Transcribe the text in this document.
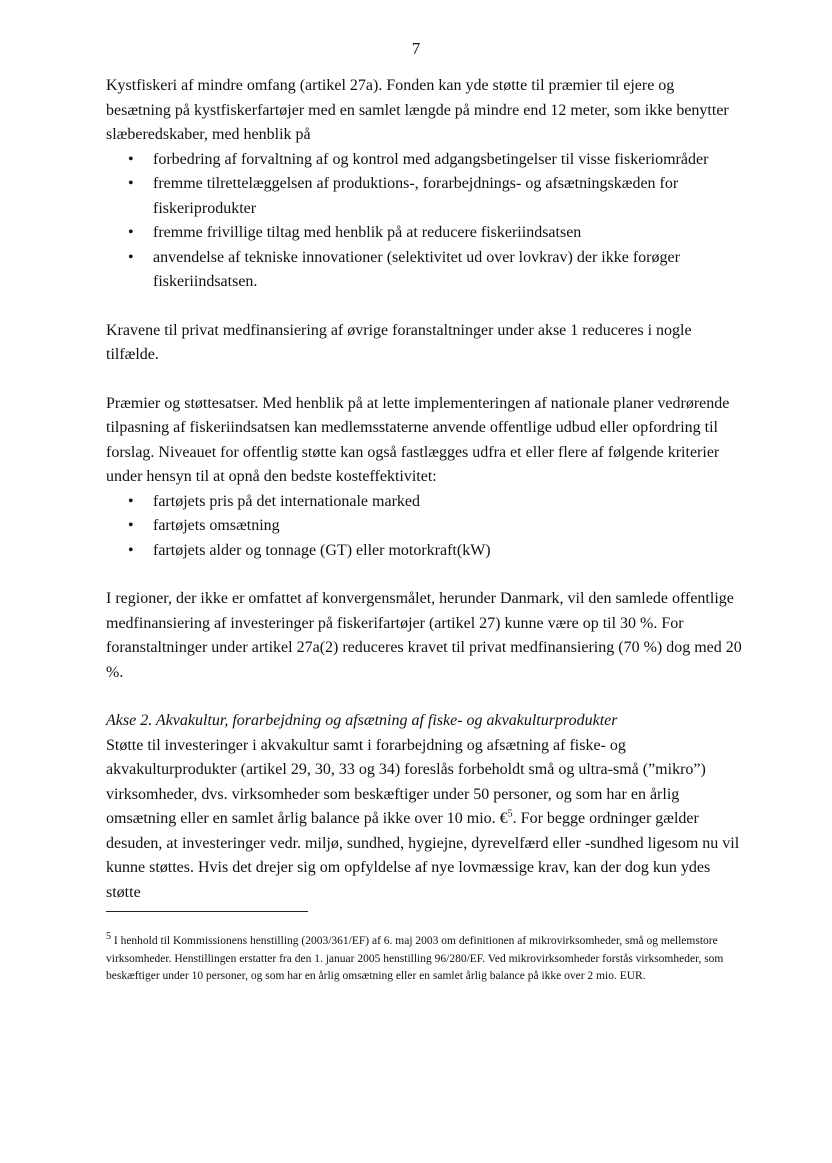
7

Kystfiskeri af mindre omfang (artikel 27a). Fonden kan yde støtte til præmier til ejere og besætning på kystfiskerfartøjer med en samlet længde på mindre end 12 meter, som ikke benytter slæberedskaber, med henblik på

• forbedring af forvaltning af og kontrol med adgangsbetingelser til visse fiskeriområder
• fremme tilrettelæggelsen af produktions-, forarbejdnings- og afsætningskæden for fiskeriprodukter
• fremme frivillige tiltag med henblik på at reducere fiskeriindsatsen
• anvendelse af tekniske innovationer (selektivitet ud over lovkrav) der ikke forøger fiskeriindsatsen.

Kravene til privat medfinansiering af øvrige foranstaltninger under akse 1 reduceres i nogle tilfælde.

Præmier og støttesatser. Med henblik på at lette implementeringen af nationale planer vedrørende tilpasning af fiskeriindsatsen kan medlemsstaterne anvende offentlige udbud eller opfordring til forslag. Niveauet for offentlig støtte kan også fastlægges udfra et eller flere af følgende kriterier under hensyn til at opnå den bedste kosteffektivitet:

• fartøjets pris på det internationale marked
• fartøjets omsætning
• fartøjets alder og tonnage (GT) eller motorkraft(kW)

I regioner, der ikke er omfattet af konvergensmålet, herunder Danmark, vil den samlede offentlige medfinansiering af investeringer på fiskerifartøjer (artikel 27) kunne være op til 30 %. For foranstaltninger under artikel 27a(2) reduceres kravet til privat medfinansiering (70 %) dog med 20 %.

Akse 2. Akvakultur, forarbejdning og afsætning af fiske- og akvakulturprodukter

Støtte til investeringer i akvakultur samt i forarbejdning og afsætning af fiske- og akvakulturprodukter (artikel 29, 30, 33 og 34) foreslås forbeholdt små og ultra-små (”mikro”) virksomheder, dvs. virksomheder som beskæftiger under 50 personer, og som har en årlig omsætning eller en samlet årlig balance på ikke over 10 mio. €$^5$. For begge ordninger gælder desuden, at investeringer vedr. miljø, sundhed, hygiejne, dyrevelfærd eller -sundhed ligesom nu vil kunne støttes. Hvis det drejer sig om opfyldelse af nye lovmæssige krav, kan der dog kun ydes støtte

$^5$ I henhold til Kommissionens henstilling (2003/361/EF) af 6. maj 2003 om definitionen af mikrovirksomheder, små og mellemstore virksomheder. Henstillingen erstatter fra den 1. januar 2005 henstilling 96/280/EF. Ved mikrovirksomheder forstås virksomheder, som beskæftiger under 10 personer, og som har en årlig omsætning eller en samlet årlig balance på ikke over 2 mio. EUR.
